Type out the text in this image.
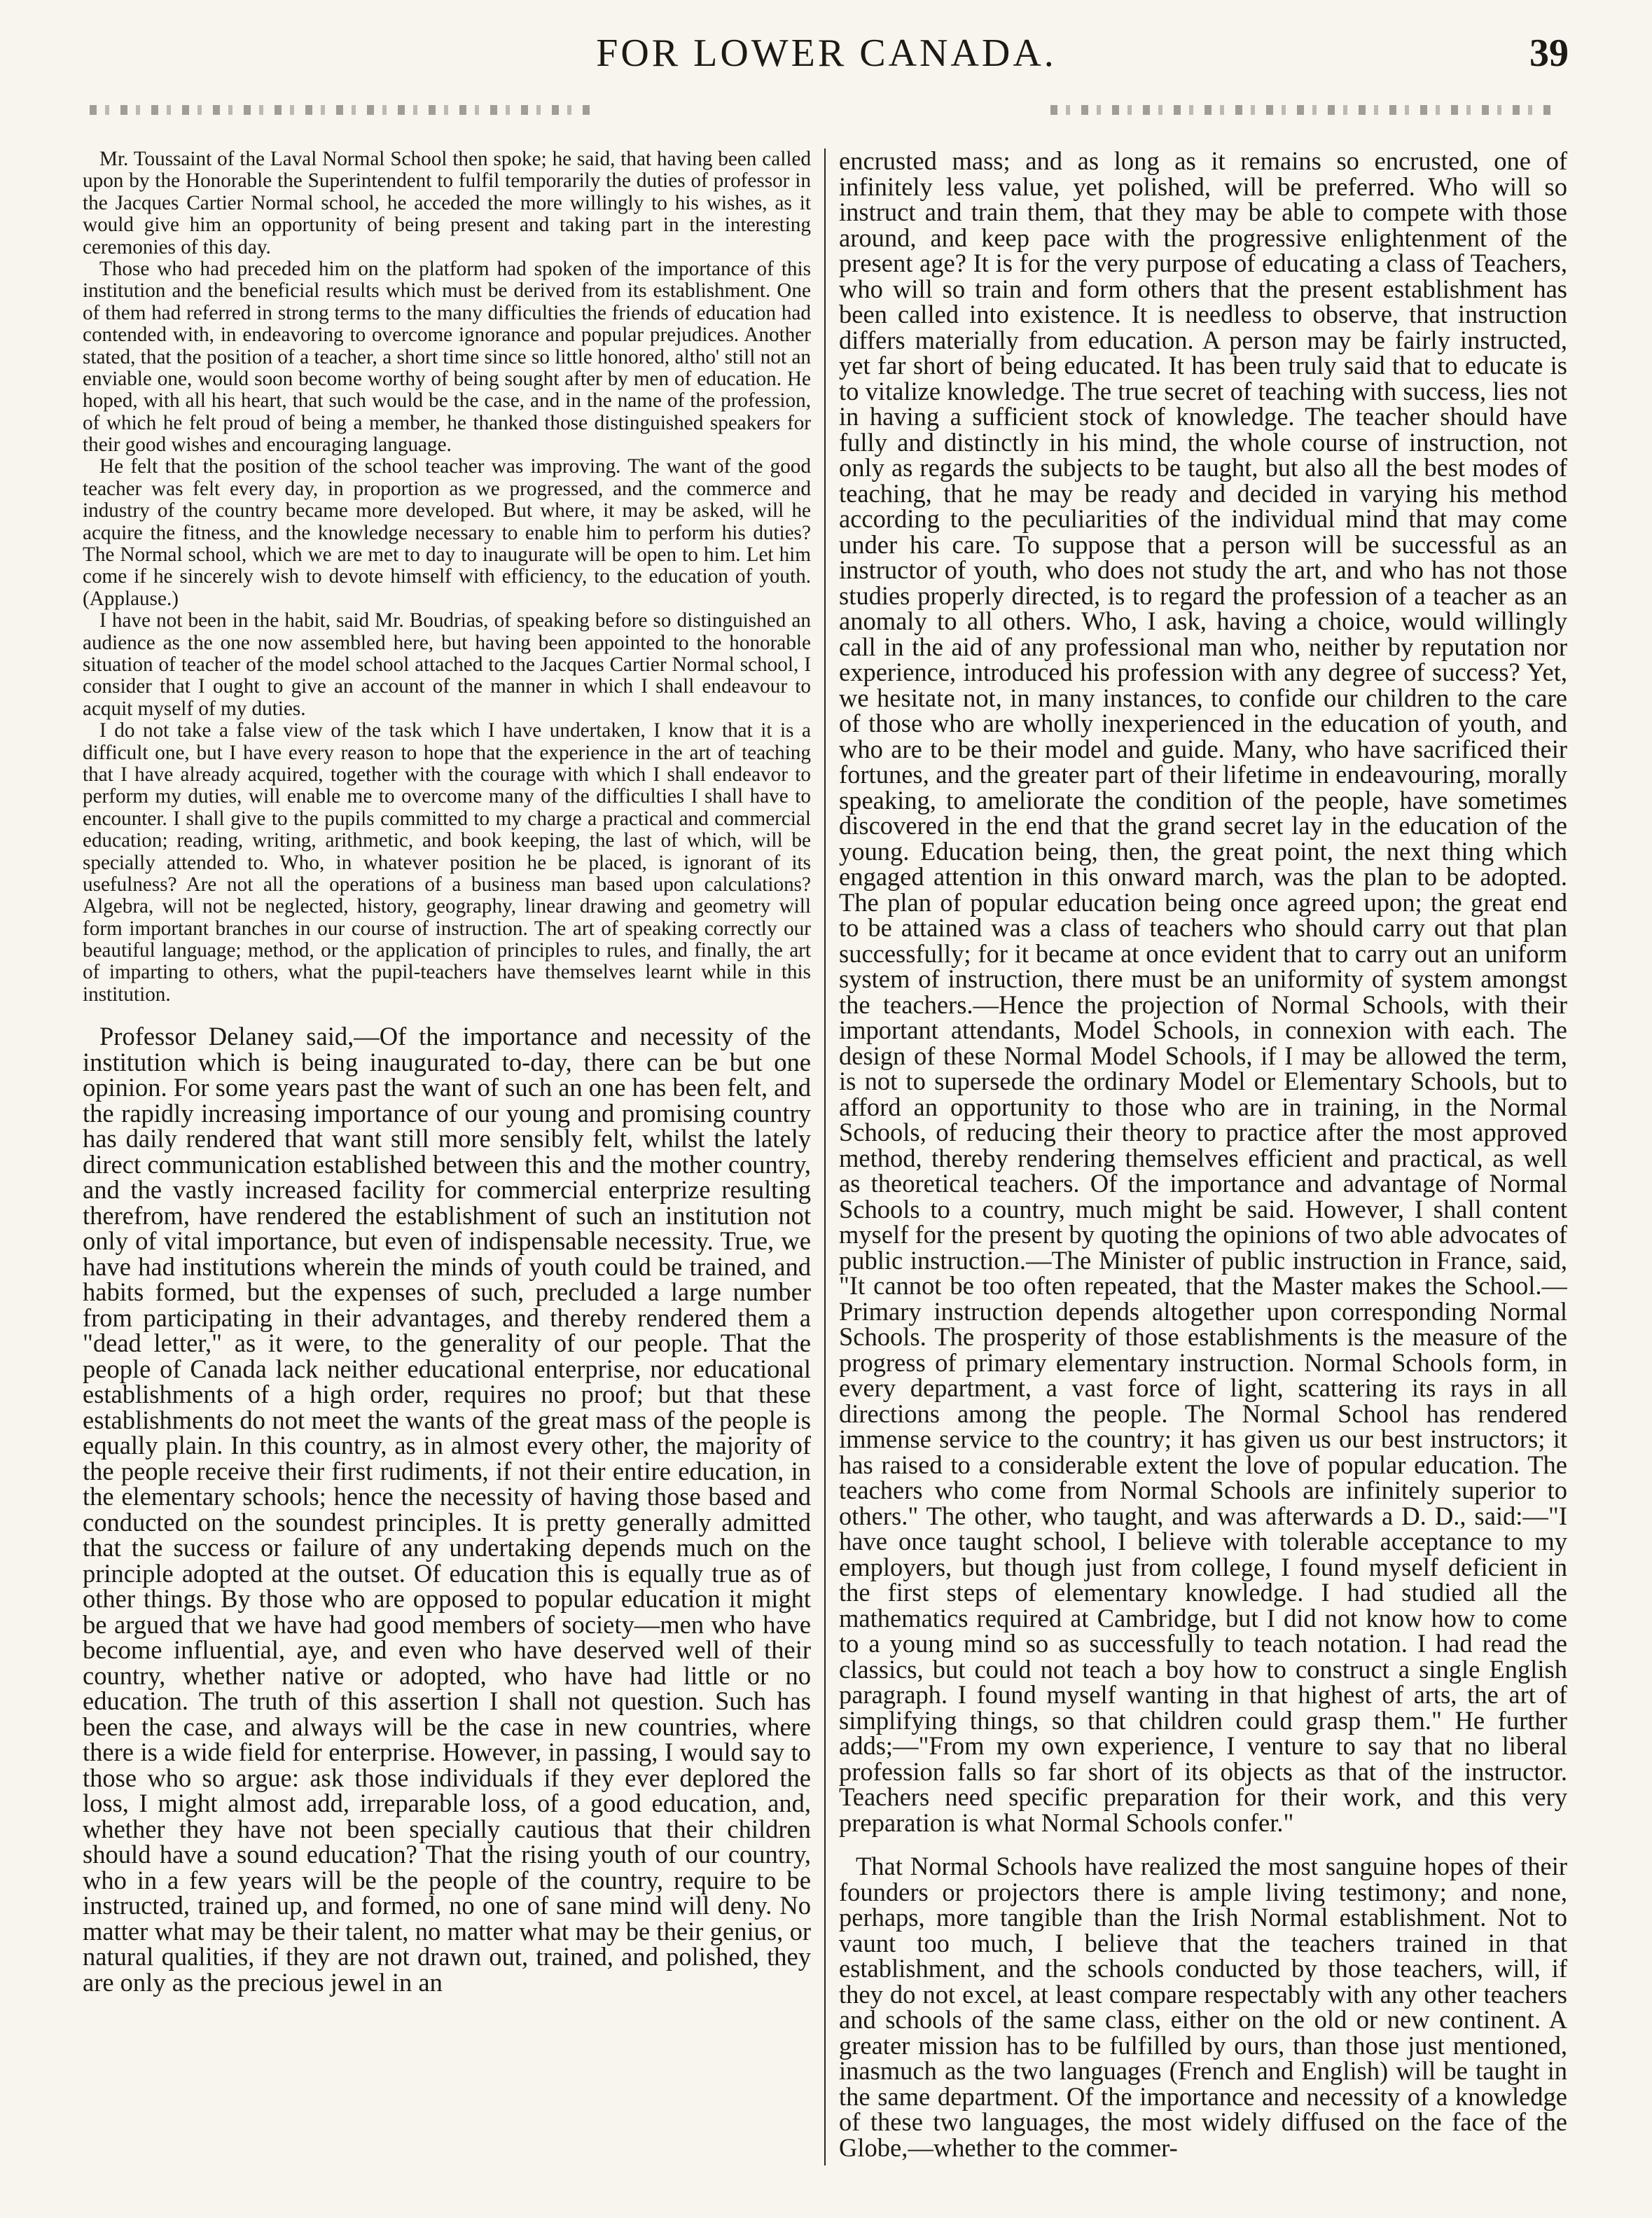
FOR LOWER CANADA.	39

Mr. Toussaint of the Laval Normal School then spoke; he said, that having been called upon by the Honorable the Superintendent to fulfil temporarily the duties of professor in the Jacques Cartier Normal school, he acceded the more willingly to his wishes, as it would give him an opportunity of being present and taking part in the interesting ceremonies of this day.

Those who had preceded him on the platform had spoken of the importance of this institution and the beneficial results which must be derived from its establishment. One of them had referred in strong terms to the many difficulties the friends of education had contended with, in endeavoring to overcome ignorance and popular prejudices. Another stated, that the position of a teacher, a short time since so little honored, altho' still not an enviable one, would soon become worthy of being sought after by men of education. He hoped, with all his heart, that such would be the case, and in the name of the profession, of which he felt proud of being a member, he thanked those distinguished speakers for their good wishes and encouraging language.

He felt that the position of the school teacher was improving. The want of the good teacher was felt every day, in proportion as we progressed, and the commerce and industry of the country became more developed. But where, it may be asked, will he acquire the fitness, and the knowledge necessary to enable him to perform his duties? The Normal school, which we are met to day to inaugurate will be open to him. Let him come if he sincerely wish to devote himself with efficiency, to the education of youth. (Applause.)

I have not been in the habit, said Mr. Boudrias, of speaking before so distinguished an audience as the one now assembled here, but having been appointed to the honorable situation of teacher of the model school attached to the Jacques Cartier Normal school, I consider that I ought to give an account of the manner in which I shall endeavour to acquit myself of my duties.

I do not take a false view of the task which I have undertaken, I know that it is a difficult one, but I have every reason to hope that the experience in the art of teaching that I have already acquired, together with the courage with which I shall endeavor to perform my duties, will enable me to overcome many of the difficulties I shall have to encounter. I shall give to the pupils committed to my charge a practical and commercial education; reading, writing, arithmetic, and book keeping, the last of which, will be specially attended to. Who, in whatever position he be placed, is ignorant of its usefulness? Are not all the operations of a business man based upon calculations? Algebra, will not be neglected, history, geography, linear drawing and geometry will form important branches in our course of instruction. The art of speaking correctly our beautiful language; method, or the application of principles to rules, and finally, the art of imparting to others, what the pupil-teachers have themselves learnt while in this institution.

Professor Delaney said,—Of the importance and necessity of the institution which is being inaugurated to-day, there can be but one opinion. For some years past the want of such an one has been felt, and the rapidly increasing importance of our young and promising country has daily rendered that want still more sensibly felt, whilst the lately direct communication established between this and the mother country, and the vastly increased facility for commercial enterprize resulting therefrom, have rendered the establishment of such an institution not only of vital importance, but even of indispensable necessity. True, we have had institutions wherein the minds of youth could be trained, and habits formed, but the expenses of such, precluded a large number from participating in their advantages, and thereby rendered them a "dead letter," as it were, to the generality of our people. That the people of Canada lack neither educational enterprise, nor educational establishments of a high order, requires no proof; but that these establishments do not meet the wants of the great mass of the people is equally plain. In this country, as in almost every other, the majority of the people receive their first rudiments, if not their entire education, in the elementary schools; hence the necessity of having those based and conducted on the soundest principles. It is pretty generally admitted that the success or failure of any undertaking depends much on the principle adopted at the outset. Of education this is equally true as of other things. By those who are opposed to popular education it might be argued that we have had good members of society—men who have become influential, aye, and even who have deserved well of their country, whether native or adopted, who have had little or no education. The truth of this assertion I shall not question. Such has been the case, and always will be the case in new countries, where there is a wide field for enterprise. However, in passing, I would say to those who so argue: ask those individuals if they ever deplored the loss, I might almost add, irreparable loss, of a good education, and, whether they have not been specially cautious that their children should have a sound education? That the rising youth of our country, who in a few years will be the people of the country, require to be instructed, trained up, and formed, no one of sane mind will deny. No matter what may be their talent, no matter what may be their genius, or natural qualities, if they are not drawn out, trained, and polished, they are only as the precious jewel in an

encrusted mass; and as long as it remains so encrusted, one of infinitely less value, yet polished, will be preferred. Who will so instruct and train them, that they may be able to compete with those around, and keep pace with the progressive enlightenment of the present age? It is for the very purpose of educating a class of Teachers, who will so train and form others that the present establishment has been called into existence. It is needless to observe, that instruction differs materially from education. A person may be fairly instructed, yet far short of being educated. It has been truly said that to educate is to vitalize knowledge. The true secret of teaching with success, lies not in having a sufficient stock of knowledge. The teacher should have fully and distinctly in his mind, the whole course of instruction, not only as regards the subjects to be taught, but also all the best modes of teaching, that he may be ready and decided in varying his method according to the peculiarities of the individual mind that may come under his care. To suppose that a person will be successful as an instructor of youth, who does not study the art, and who has not those studies properly directed, is to regard the profession of a teacher as an anomaly to all others. Who, I ask, having a choice, would willingly call in the aid of any professional man who, neither by reputation nor experience, introduced his profession with any degree of success? Yet, we hesitate not, in many instances, to confide our children to the care of those who are wholly inexperienced in the education of youth, and who are to be their model and guide. Many, who have sacrificed their fortunes, and the greater part of their lifetime in endeavouring, morally speaking, to ameliorate the condition of the people, have sometimes discovered in the end that the grand secret lay in the education of the young. Education being, then, the great point, the next thing which engaged attention in this onward march, was the plan to be adopted. The plan of popular education being once agreed upon; the great end to be attained was a class of teachers who should carry out that plan successfully; for it became at once evident that to carry out an uniform system of instruction, there must be an uniformity of system amongst the teachers.—Hence the projection of Normal Schools, with their important attendants, Model Schools, in connexion with each. The design of these Normal Model Schools, if I may be allowed the term, is not to supersede the ordinary Model or Elementary Schools, but to afford an opportunity to those who are in training, in the Normal Schools, of reducing their theory to practice after the most approved method, thereby rendering themselves efficient and practical, as well as theoretical teachers. Of the importance and advantage of Normal Schools to a country, much might be said. However, I shall content myself for the present by quoting the opinions of two able advocates of public instruction.—The Minister of public instruction in France, said, "It cannot be too often repeated, that the Master makes the School.—Primary instruction depends altogether upon corresponding Normal Schools. The prosperity of those establishments is the measure of the progress of primary elementary instruction. Normal Schools form, in every department, a vast force of light, scattering its rays in all directions among the people. The Normal School has rendered immense service to the country; it has given us our best instructors; it has raised to a considerable extent the love of popular education. The teachers who come from Normal Schools are infinitely superior to others." The other, who taught, and was afterwards a D. D., said:—"I have once taught school, I believe with tolerable acceptance to my employers, but though just from college, I found myself deficient in the first steps of elementary knowledge. I had studied all the mathematics required at Cambridge, but I did not know how to come to a young mind so as successfully to teach notation. I had read the classics, but could not teach a boy how to construct a single English paragraph. I found myself wanting in that highest of arts, the art of simplifying things, so that children could grasp them." He further adds;—"From my own experience, I venture to say that no liberal profession falls so far short of its objects as that of the instructor. Teachers need specific preparation for their work, and this very preparation is what Normal Schools confer."

That Normal Schools have realized the most sanguine hopes of their founders or projectors there is ample living testimony; and none, perhaps, more tangible than the Irish Normal establishment. Not to vaunt too much, I believe that the teachers trained in that establishment, and the schools conducted by those teachers, will, if they do not excel, at least compare respectably with any other teachers and schools of the same class, either on the old or new continent. A greater mission has to be fulfilled by ours, than those just mentioned, inasmuch as the two languages (French and English) will be taught in the same department. Of the importance and necessity of a knowledge of these two languages, the most widely diffused on the face of the Globe,—whether to the commer-
